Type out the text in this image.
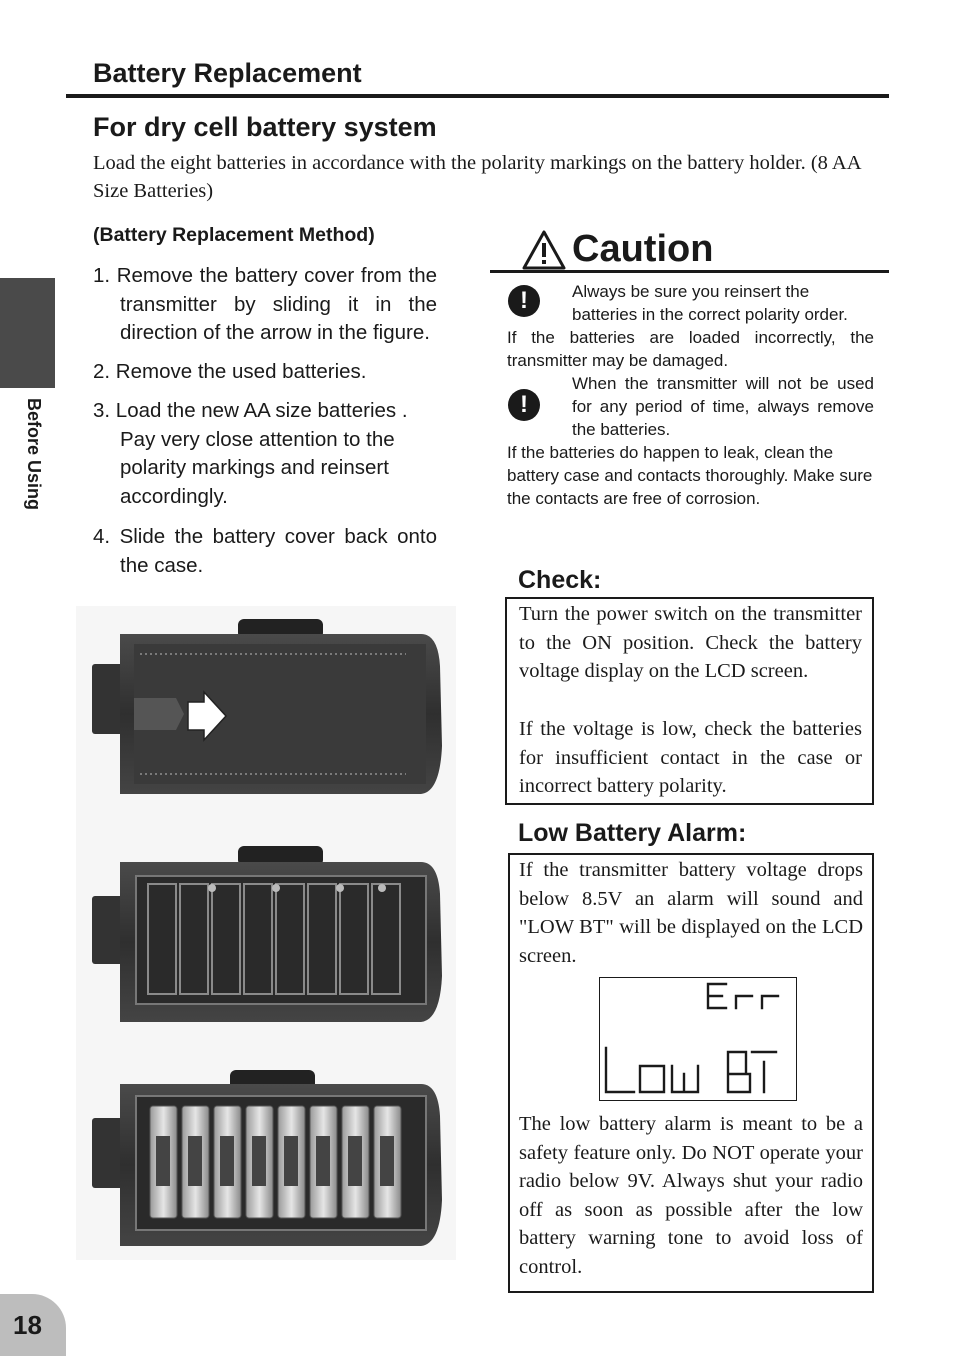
Battery Replacement
For dry cell battery system
Load the eight batteries in accordance with the polarity markings on the battery holder. (8 AA Size Batteries)
Before Using
(Battery Replacement Method)
1. Remove the battery cover from the transmitter by sliding it in the direction of the arrow in the figure.
2. Remove the used batteries.
3. Load the new AA size batteries . Pay very close attention to the polarity markings and reinsert accordingly.
4. Slide the battery cover back onto the case.
Caution
!	Always be sure you reinsert the batteries in the correct polarity order.
If the batteries are loaded incorrectly, the transmitter may be damaged.
!
When the transmitter will not be used for any period of time, always remove the batteries.
If the batteries do happen to leak, clean the battery case and contacts thoroughly. Make sure the contacts are free of corrosion.
Check:
Turn the power switch on the transmitter to the ON position. Check the battery voltage display on the LCD screen.
If the voltage is low, check the batteries for insufficient contact in the case or incorrect battery polarity.
Low Battery Alarm:
If the transmitter battery voltage drops below 8.5V an alarm will sound and "LOW BT" will be displayed on the LCD screen.
The low battery alarm is meant to be a safety feature only. Do NOT operate your radio below 9V. Always shut your radio off as soon as possible after the low battery warning tone to avoid loss of control.
18
